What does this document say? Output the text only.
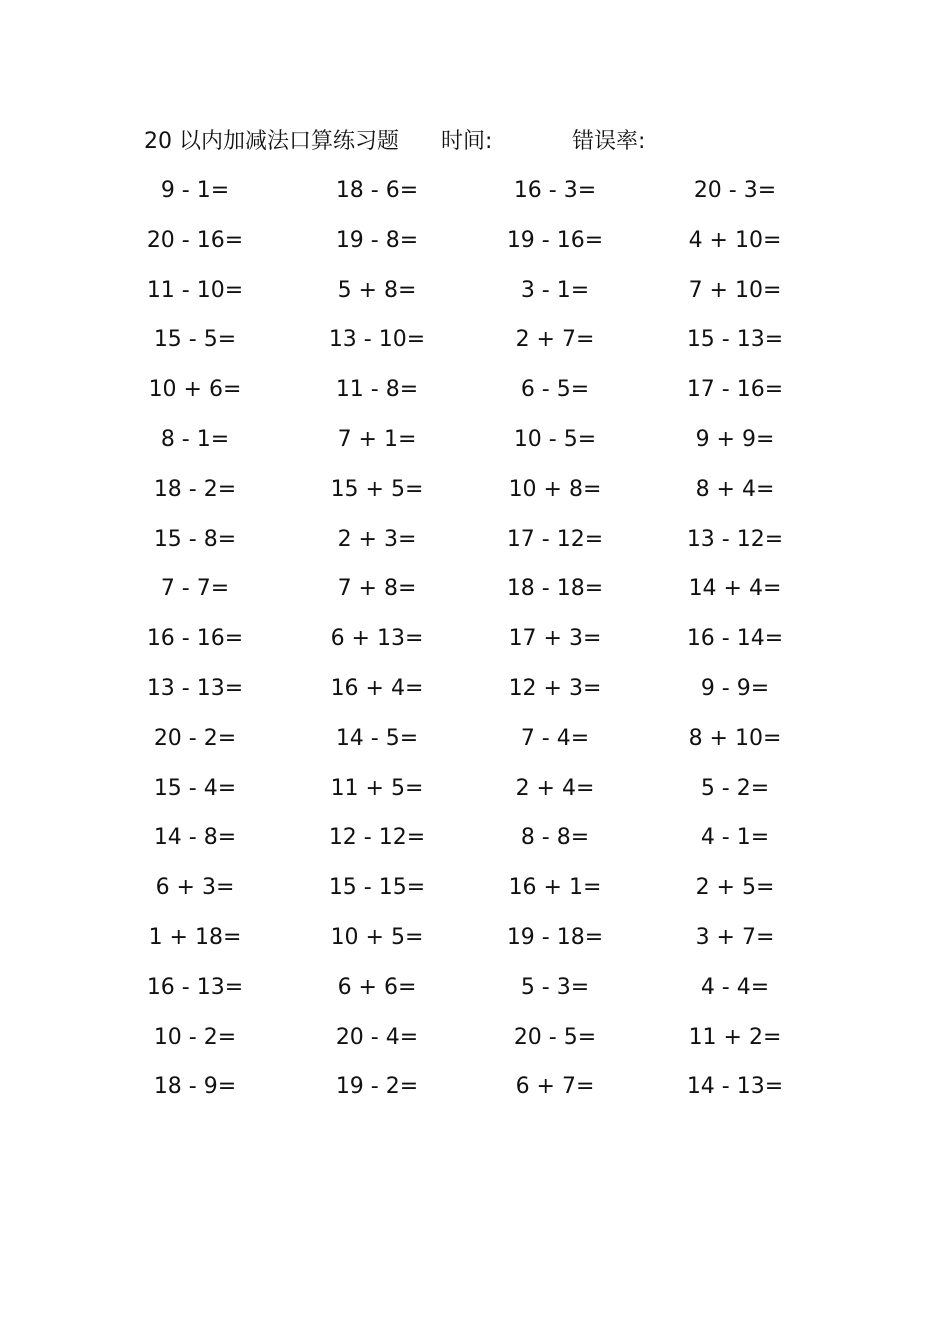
20 以内加减法口算练习题 时间:	错误率:
9 - 1=	18 - 6=	16 - 3=	20 - 3=
20 - 16=	19 - 8=	19 - 16=	4 + 10=
11 - 10=	5 + 8=	3 - 1=	7 + 10=
15 - 5=	13 - 10=	2 + 7=	15 - 13=
10 + 6=	11 - 8=	6 - 5=	17 - 16=
8 - 1=	7 + 1=	10 - 5=	9 + 9=
18 - 2=	15 + 5=	10 + 8=	8 + 4=
15 - 8=	2 + 3=	17 - 12=	13 - 12=
7 - 7=	7 + 8=	18 - 18=	14 + 4=
16 - 16=	6 + 13=	17 + 3=	16 - 14=
13 - 13=	16 + 4=	12 + 3=	9 - 9=
20 - 2=	14 - 5=	7 - 4=	8 + 10=
15 - 4=	11 + 5=	2 + 4=	5 - 2=
14 - 8=	12 - 12=	8 - 8=	4 - 1=
6 + 3=	15 - 15=	16 + 1=	2 + 5=
1 + 18=	10 + 5=	19 - 18=	3 + 7=
16 - 13=	6 + 6=	5 - 3=	4 - 4=
10 - 2=	20 - 4=	20 - 5=	11 + 2=
18 - 9=	19 - 2=	6 + 7=	14 - 13=
